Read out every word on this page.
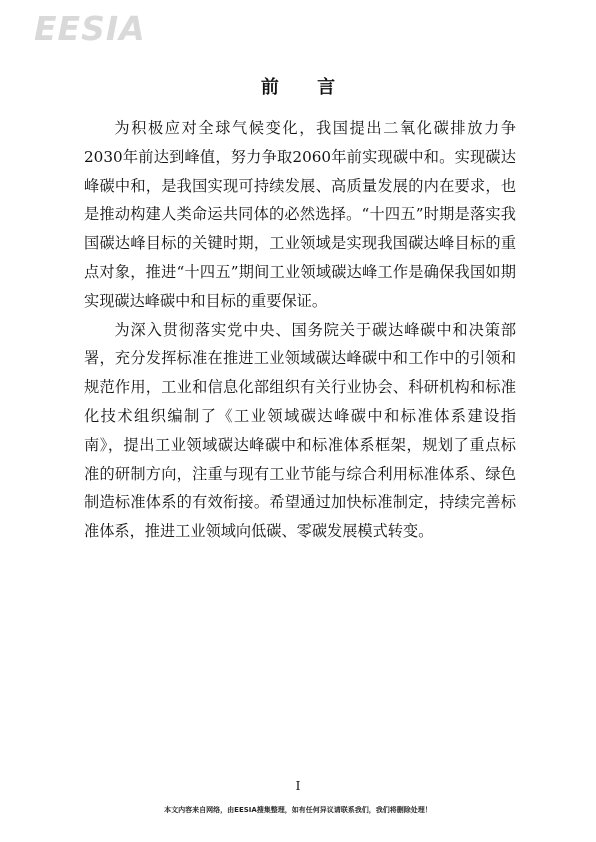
EESIA
前 言

为积极应对全球气候变化，我国提出二氧化碳排放力争2030年前达到峰值，努力争取2060年前实现碳中和。实现碳达峰碳中和，是我国实现可持续发展、高质量发展的内在要求，也是推动构建人类命运共同体的必然选择。“十四五”时期是落实我国碳达峰目标的关键时期，工业领域是实现我国碳达峰目标的重点对象，推进“十四五”期间工业领域碳达峰工作是确保我国如期实现碳达峰碳中和目标的重要保证。

为深入贯彻落实党中央、国务院关于碳达峰碳中和决策部署，充分发挥标准在推进工业领域碳达峰碳中和工作中的引领和规范作用，工业和信息化部组织有关行业协会、科研机构和标准化技术组织编制了《工业领域碳达峰碳中和标准体系建设指南》，提出工业领域碳达峰碳中和标准体系框架，规划了重点标准的研制方向，注重与现有工业节能与综合利用标准体系、绿色制造标准体系的有效衔接。希望通过加快标准制定，持续完善标准体系，推进工业领域向低碳、零碳发展模式转变。

I
本文内容来自网络，由EESIA搜集整理，如有任何异议请联系我们，我们将删除处理！
